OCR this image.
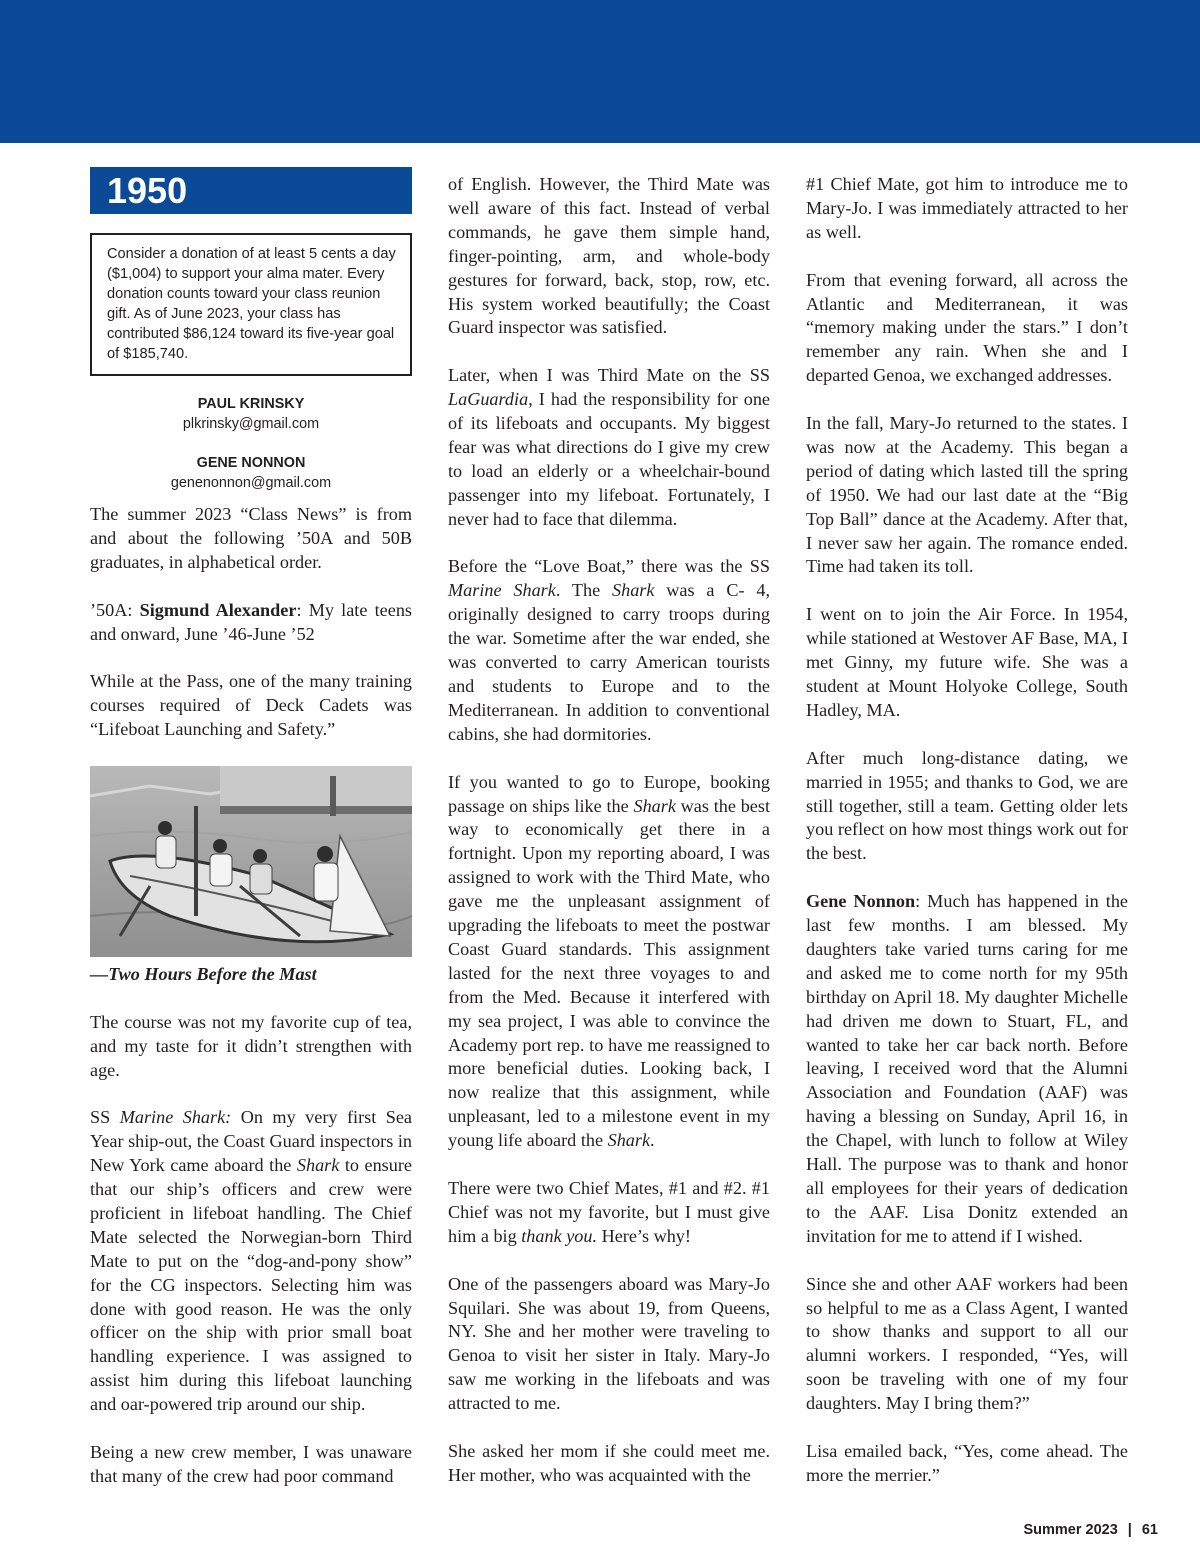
1950
Consider a donation of at least 5 cents a day ($1,004) to support your alma mater. Every donation counts toward your class reunion gift. As of June 2023, your class has contributed $86,124 toward its five-year goal of $185,740.
PAUL KRINSKY
plkrinsky@gmail.com
GENE NONNON
genenonnon@gmail.com

The summer 2023 “Class News” is from and about the following ’50A and 50B graduates, in alphabetical order.

’50A: Sigmund Alexander: My late teens and onward, June ’46-June ’52

While at the Pass, one of the many training courses required of Deck Cadets was “Lifeboat Launching and Safety.”

—Two Hours Before the Mast

The course was not my favorite cup of tea, and my taste for it didn’t strengthen with age.

SS Marine Shark: On my very first Sea Year ship-out, the Coast Guard inspectors in New York came aboard the Shark to ensure that our ship’s officers and crew were proficient in lifeboat handling. The Chief Mate selected the Norwegian-born Third Mate to put on the “dog-and-pony show” for the CG inspectors. Selecting him was done with good reason. He was the only officer on the ship with prior small boat handling experience. I was assigned to assist him during this lifeboat launching and oar-powered trip around our ship.

Being a new crew member, I was unaware that many of the crew had poor command

of English. However, the Third Mate was well aware of this fact. Instead of verbal commands, he gave them simple hand, finger-pointing, arm, and whole-body gestures for forward, back, stop, row, etc. His system worked beautifully; the Coast Guard inspector was satisfied.

Later, when I was Third Mate on the SS LaGuardia, I had the responsibility for one of its lifeboats and occupants. My biggest fear was what directions do I give my crew to load an elderly or a wheelchair-bound passenger into my lifeboat. Fortunately, I never had to face that dilemma.

Before the “Love Boat,” there was the SS Marine Shark. The Shark was a C- 4, originally designed to carry troops during the war. Sometime after the war ended, she was converted to carry American tourists and students to Europe and to the Mediterranean. In addition to conventional cabins, she had dormitories.

If you wanted to go to Europe, booking passage on ships like the Shark was the best way to economically get there in a fortnight. Upon my reporting aboard, I was assigned to work with the Third Mate, who gave me the unpleasant assignment of upgrading the lifeboats to meet the postwar Coast Guard standards. This assignment lasted for the next three voyages to and from the Med. Because it interfered with my sea project, I was able to convince the Academy port rep. to have me reassigned to more beneficial duties. Looking back, I now realize that this assignment, while unpleasant, led to a milestone event in my young life aboard the Shark.

There were two Chief Mates, #1 and #2. #1 Chief was not my favorite, but I must give him a big thank you. Here’s why!

One of the passengers aboard was Mary-Jo Squilari. She was about 19, from Queens, NY. She and her mother were traveling to Genoa to visit her sister in Italy. Mary-Jo saw me working in the lifeboats and was attracted to me.

She asked her mom if she could meet me. Her mother, who was acquainted with the

#1 Chief Mate, got him to introduce me to Mary-Jo. I was immediately attracted to her as well.

From that evening forward, all across the Atlantic and Mediterranean, it was “memory making under the stars.” I don’t remember any rain. When she and I departed Genoa, we exchanged addresses.

In the fall, Mary-Jo returned to the states. I was now at the Academy. This began a period of dating which lasted till the spring of 1950. We had our last date at the “Big Top Ball” dance at the Academy. After that, I never saw her again. The romance ended. Time had taken its toll.

I went on to join the Air Force. In 1954, while stationed at Westover AF Base, MA, I met Ginny, my future wife. She was a student at Mount Holyoke College, South Hadley, MA.

After much long-distance dating, we married in 1955; and thanks to God, we are still together, still a team. Getting older lets you reflect on how most things work out for the best.

Gene Nonnon: Much has happened in the last few months. I am blessed. My daughters take varied turns caring for me and asked me to come north for my 95th birthday on April 18. My daughter Michelle had driven me down to Stuart, FL, and wanted to take her car back north. Before leaving, I received word that the Alumni Association and Foundation (AAF) was having a blessing on Sunday, April 16, in the Chapel, with lunch to follow at Wiley Hall. The purpose was to thank and honor all employees for their years of dedication to the AAF. Lisa Donitz extended an invitation for me to attend if I wished.

Since she and other AAF workers had been so helpful to me as a Class Agent, I wanted to show thanks and support to all our alumni workers. I responded, “Yes, will soon be traveling with one of my four daughters. May I bring them?”

Lisa emailed back, “Yes, come ahead. The more the merrier.”

Summer 2023 | 61
